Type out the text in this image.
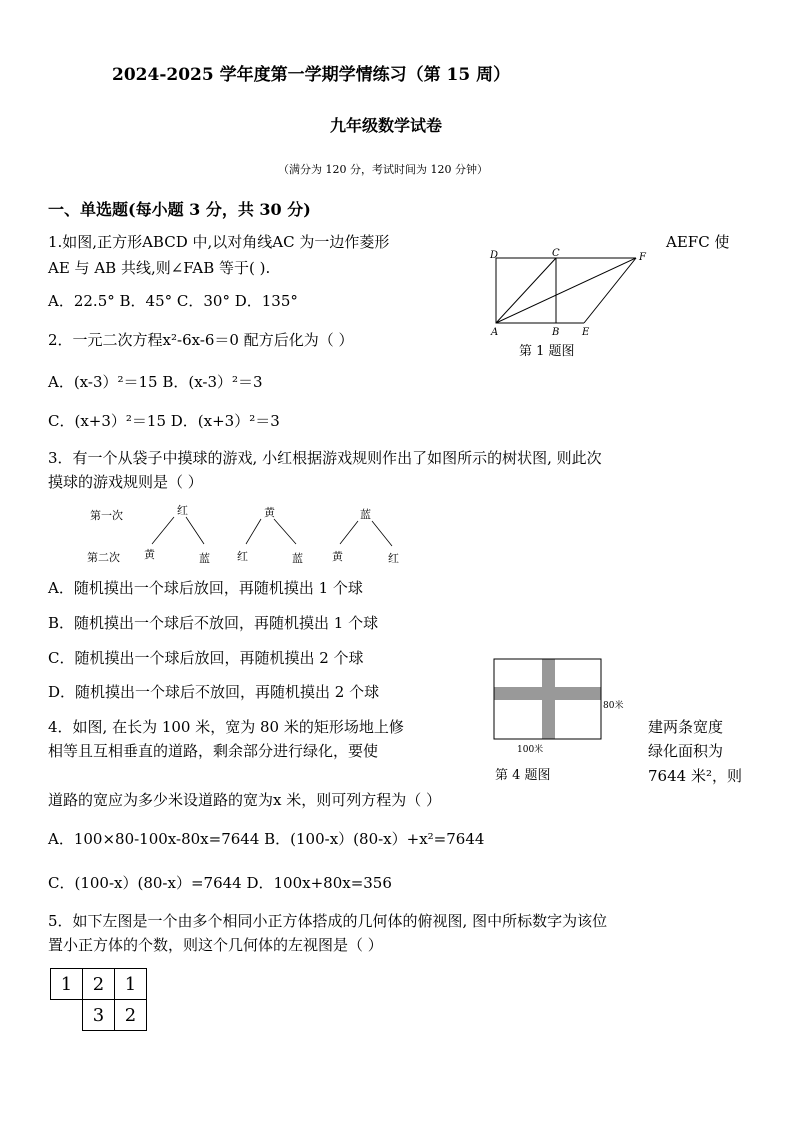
2024-2025 学年度第一学期学情练习（第 15 周）
九年级数学试卷
（满分为 120 分，考试时间为 120 分钟）
一、单选题(每小题 3 分，共 30 分)
1.如图,正方形ABCD 中,以对角线AC 为一边作菱形	AEFC 使
AE 与 AB 共线,则∠FAB 等于( ).
A．22.5° B．45° C．30° D．135°
D	C	F
A	B E
第 1 题图
2．一元二次方程x²-6x-6＝0 配方后化为（ ）
A．(x-3）²＝15 B．(x-3）²＝3
C．(x+3）²＝15 D．(x+3）²＝3
3．有一个从袋子中摸球的游戏, 小红根据游戏规则作出了如图所示的树状图, 则此次
摸球的游戏规则是（ ）
第一次
第二次
红	黄	蓝
黄	蓝 红	蓝	黄	红
A．随机摸出一个球后放回，再随机摸出 1 个球
B．随机摸出一个球后不放回，再随机摸出 1 个球
C．随机摸出一个球后放回，再随机摸出 2 个球
D．随机摸出一个球后不放回，再随机摸出 2 个球
4．如图, 在长为 100 米，宽为 80 米的矩形场地上修	建两条宽度
相等且互相垂直的道路，剩余部分进行绿化，要使	绿化面积为
7644 米²，则
道路的宽应为多少米设道路的宽为x 米，则可列方程为（ ）
80米
100米
第 4 题图
A．100×80-100x-80x=7644 B．(100-x）(80-x）+x²=7644
C．(100-x）(80-x）=7644 D．100x+80x=356
5．如下左图是一个由多个相同小正方体搭成的几何体的俯视图, 图中所标数字为该位
置小正方体的个数，则这个几何体的左视图是（ ）
1	2	1
	3	2
